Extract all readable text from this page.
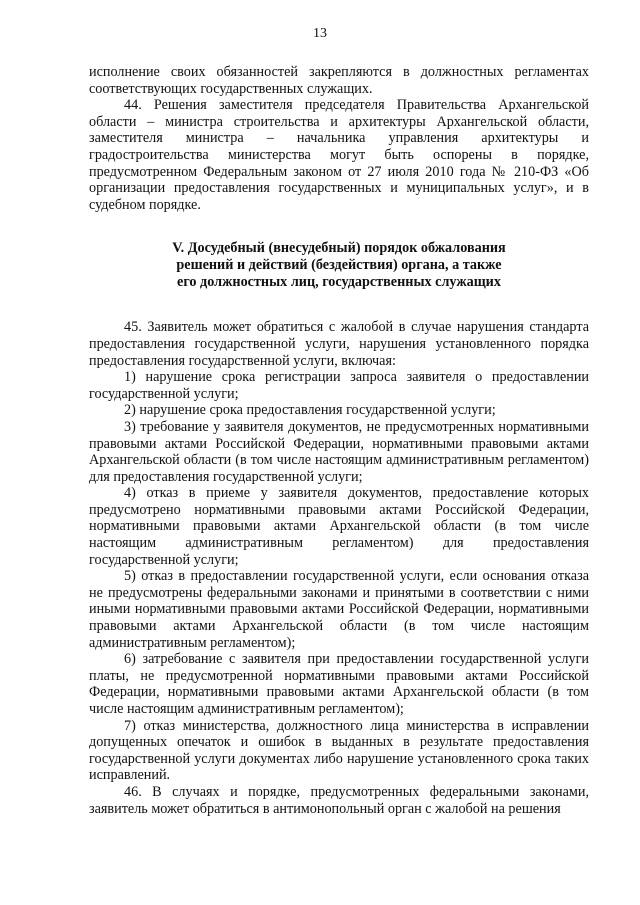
13

исполнение своих обязанностей закрепляются в должностных регламентах соответствующих государственных служащих.

44. Решения заместителя председателя Правительства Архангельской области – министра строительства и архитектуры Архангельской области, заместителя министра – начальника управления архитектуры и градостроительства министерства могут быть оспорены в порядке, предусмотренном Федеральным законом от 27 июля 2010 года № 210-ФЗ «Об организации предоставления государственных и муниципальных услуг», и в судебном порядке.

V. Досудебный (внесудебный) порядок обжалования
решений и действий (бездействия) органа, а также
его должностных лиц, государственных служащих

45. Заявитель может обратиться с жалобой в случае нарушения стандарта предоставления государственной услуги, нарушения установленного порядка предоставления государственной услуги, включая:

1) нарушение срока регистрации запроса заявителя о предоставлении государственной услуги;

2) нарушение срока предоставления государственной услуги;

3) требование у заявителя документов, не предусмотренных нормативными правовыми актами Российской Федерации, нормативными правовыми актами Архангельской области (в том числе настоящим административным регламентом) для предоставления государственной услуги;

4) отказ в приеме у заявителя документов, предоставление которых предусмотрено нормативными правовыми актами Российской Федерации, нормативными правовыми актами Архангельской области (в том числе настоящим административным регламентом) для предоставления государственной услуги;

5) отказ в предоставлении государственной услуги, если основания отказа не предусмотрены федеральными законами и принятыми в соответствии с ними иными нормативными правовыми актами Российской Федерации, нормативными правовыми актами Архангельской области (в том числе настоящим административным регламентом);

6) затребование с заявителя при предоставлении государственной услуги платы, не предусмотренной нормативными правовыми актами Российской Федерации, нормативными правовыми актами Архангельской области (в том числе настоящим административным регламентом);

7) отказ министерства, должностного лица министерства в исправлении допущенных опечаток и ошибок в выданных в результате предоставления государственной услуги документах либо нарушение установленного срока таких исправлений.

46. В случаях и порядке, предусмотренных федеральными законами, заявитель может обратиться в антимонопольный орган с жалобой на решения
